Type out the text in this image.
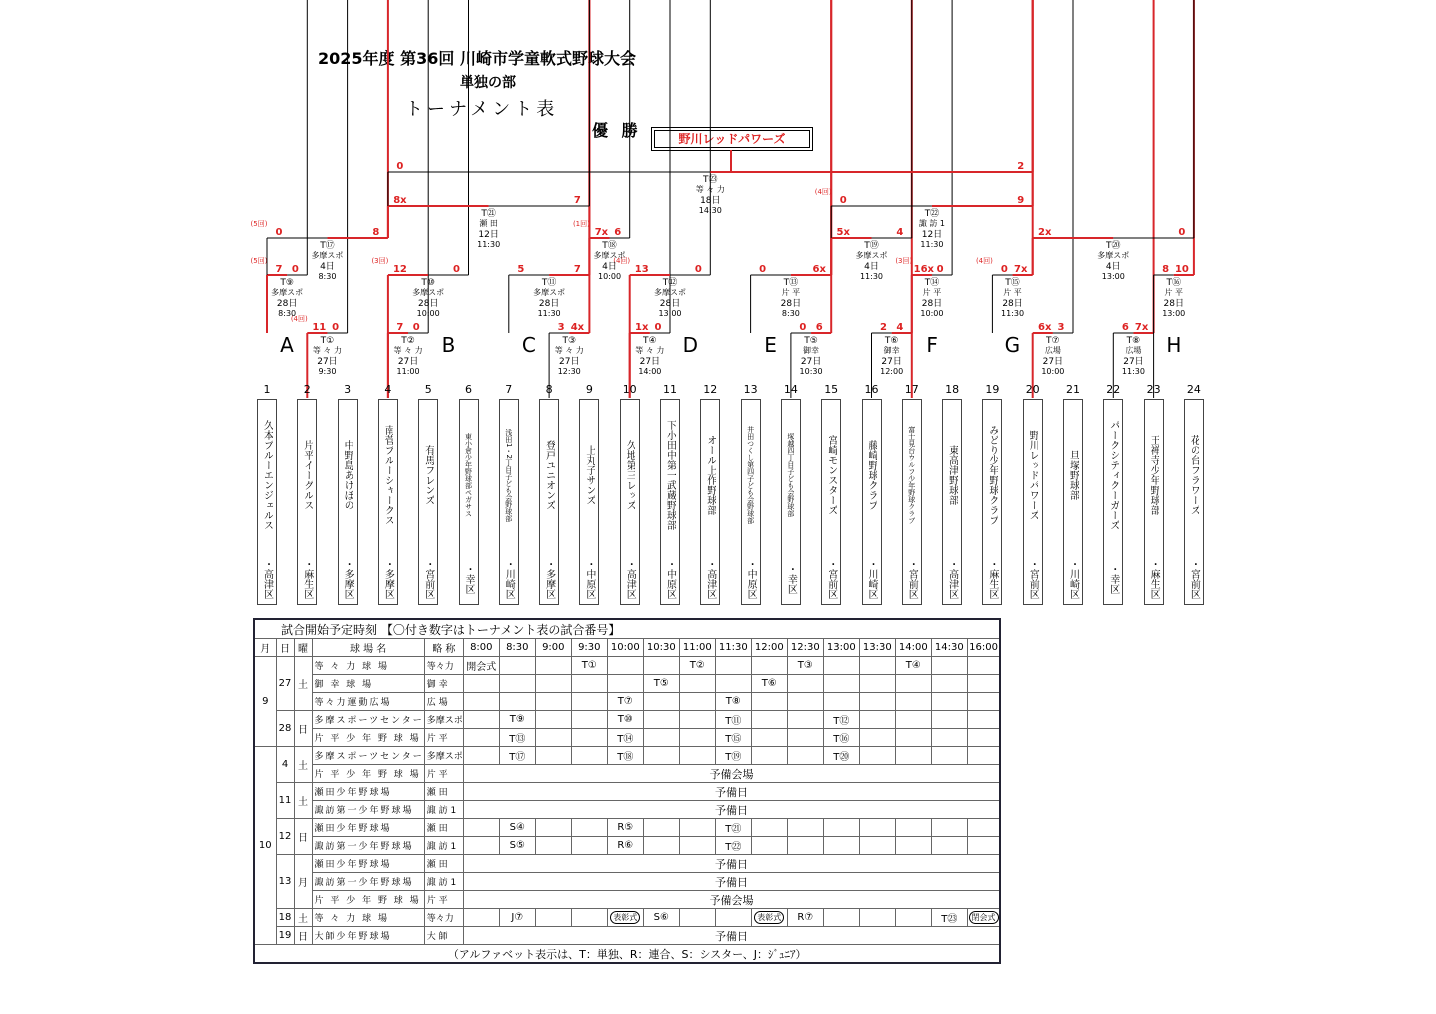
2025年度 第36回 川崎市学童軟式野球大会
単独の部
トーナメント表
優 勝	野川レッドパワーズ
11 0
(4回)
T①
等 々 力
27日
9:30
7 0
T②
等 々 力
27日
11:00
3 4x
T③
等 々 力
27日
12:30
1x 0
T④
等 々 力
27日
14:00
0 6
T⑤
御幸
27日
10:30
2 4
T⑥
御幸
27日
12:00
6x 3
T⑦
広場
27日
10:00
6 7x
T⑧
広場
27日
11:30
7 0
(5回)
T⑨
多摩スポ
28日
8:30
12	0
(3回)
T⑩
多摩スポ
28日
10:00
5	7
T⑪
多摩スポ
28日
11:30
13	0
(4回)
T⑫
多摩スポ
28日
13:00
0	6x
T⑬
片 平
28日
8:30
16x 0
(3回)
T⑭
片 平
28日
10:00
0 7x
(4回)
T⑮
片 平
28日
11:30
8 10
T⑯
片 平
28日
13:00
A	B	C	D	E	F	G	H
0	8
(5回)
T⑰
多摩スポ
4日
8:30
7x 6
(1回)
T⑱
多摩スポ
4日
10:00
5x	4
T⑲
多摩スポ
4日
11:30
2x	0
T⑳
多摩スポ
4日
13:00
8x	7
T㉑
瀬 田
12日
11:30
0	9
(4回)
T㉒
諏 訪 1
12日
11:30
0	2
T㉓
等 々 力
18日
14:30
1
久本ブルーエンジェルス
・高津区
2
片平イーグルス
・麻生区
3
中野島あけぼの
・多摩区
4
南菅ブルーシャークス
・多摩区
5
有馬フレンズ
・宮前区
6
東小倉少年野球部ペガサス
・幸区
7
浅田1・2丁目子ども会野球部
・川崎区
8
登戸ユニオンズ
・多摩区
9
上丸子サンズ
・中原区
10
久地第三レッズ
・高津区
11
下小田中第一武蔵野球部
・中原区
12
オール上作野球部
・高津区
13
井田つくし第四子ども会野球部
・中原区
14
塚越四丁目子ども会野球部
・幸区
15
宮崎モンスターズ
・宮前区
16
藤崎野球クラブ
・川崎区
17
富士見台ウルフ少年野球クラブ
・宮前区
18
東高津野球部
・高津区
19
みどり少年野球クラブ
・麻生区
20
野川レッドパワーズ
・宮前区
21
旦塚野球部
・川崎区
22
パークシティクーガーズ
・幸区
23
王禅寺少年野球部
・麻生区
24
花の台フラワーズ
・宮前区
試合開始予定時刻 【〇付き数字はトーナメント表の試合番号】																			
月	日	曜	球 場 名	略 称	8:00	8:30	9:00	9:30	10:00	10:30	11:00	11:30	12:00	12:30	13:00	13:30	14:00	14:30	16:00
9	27	土	等 々 力 球 場	等々力	開会式			T①			T②			T③			T④		
			御 幸 球 場	御 幸						T⑤			T⑥						
			等々力運動広場	広 場					T⑦			T⑧							
	28	日	多摩スポーツセンター	多摩スポ		T⑨			T⑩			T⑪			T⑫				
			片 平 少 年 野 球 場	片 平		T⑬			T⑭			T⑮			T⑯				
10	4	土	多摩スポーツセンター	多摩スポ		T⑰			T⑱			T⑲			T⑳				
			片 平 少 年 野 球 場	片 平	予備会場														
	11	土	瀬田少年野球場	瀬 田	予備日														
			諏訪第一少年野球場	諏 訪 1	予備日														
	12	日	瀬田少年野球場	瀬 田		S④			R⑤			T㉑							
			諏訪第一少年野球場	諏 訪 1		S⑤			R⑥			T㉒							
	13	月	瀬田少年野球場	瀬 田	予備日														
			諏訪第一少年野球場	諏 訪 1	予備日														
			片 平 少 年 野 球 場	片 平	予備会場														
	18	土	等 々 力 球 場	等々力		J⑦			表彰式	S⑥			表彰式	R⑦				T㉓	閉会式
	19	日	大師少年野球場	大 師	予備日														
（アルファベット表示は、T：単独、R：連合、S：シスター、J：ｼﾞｭﾆｱ）																			
